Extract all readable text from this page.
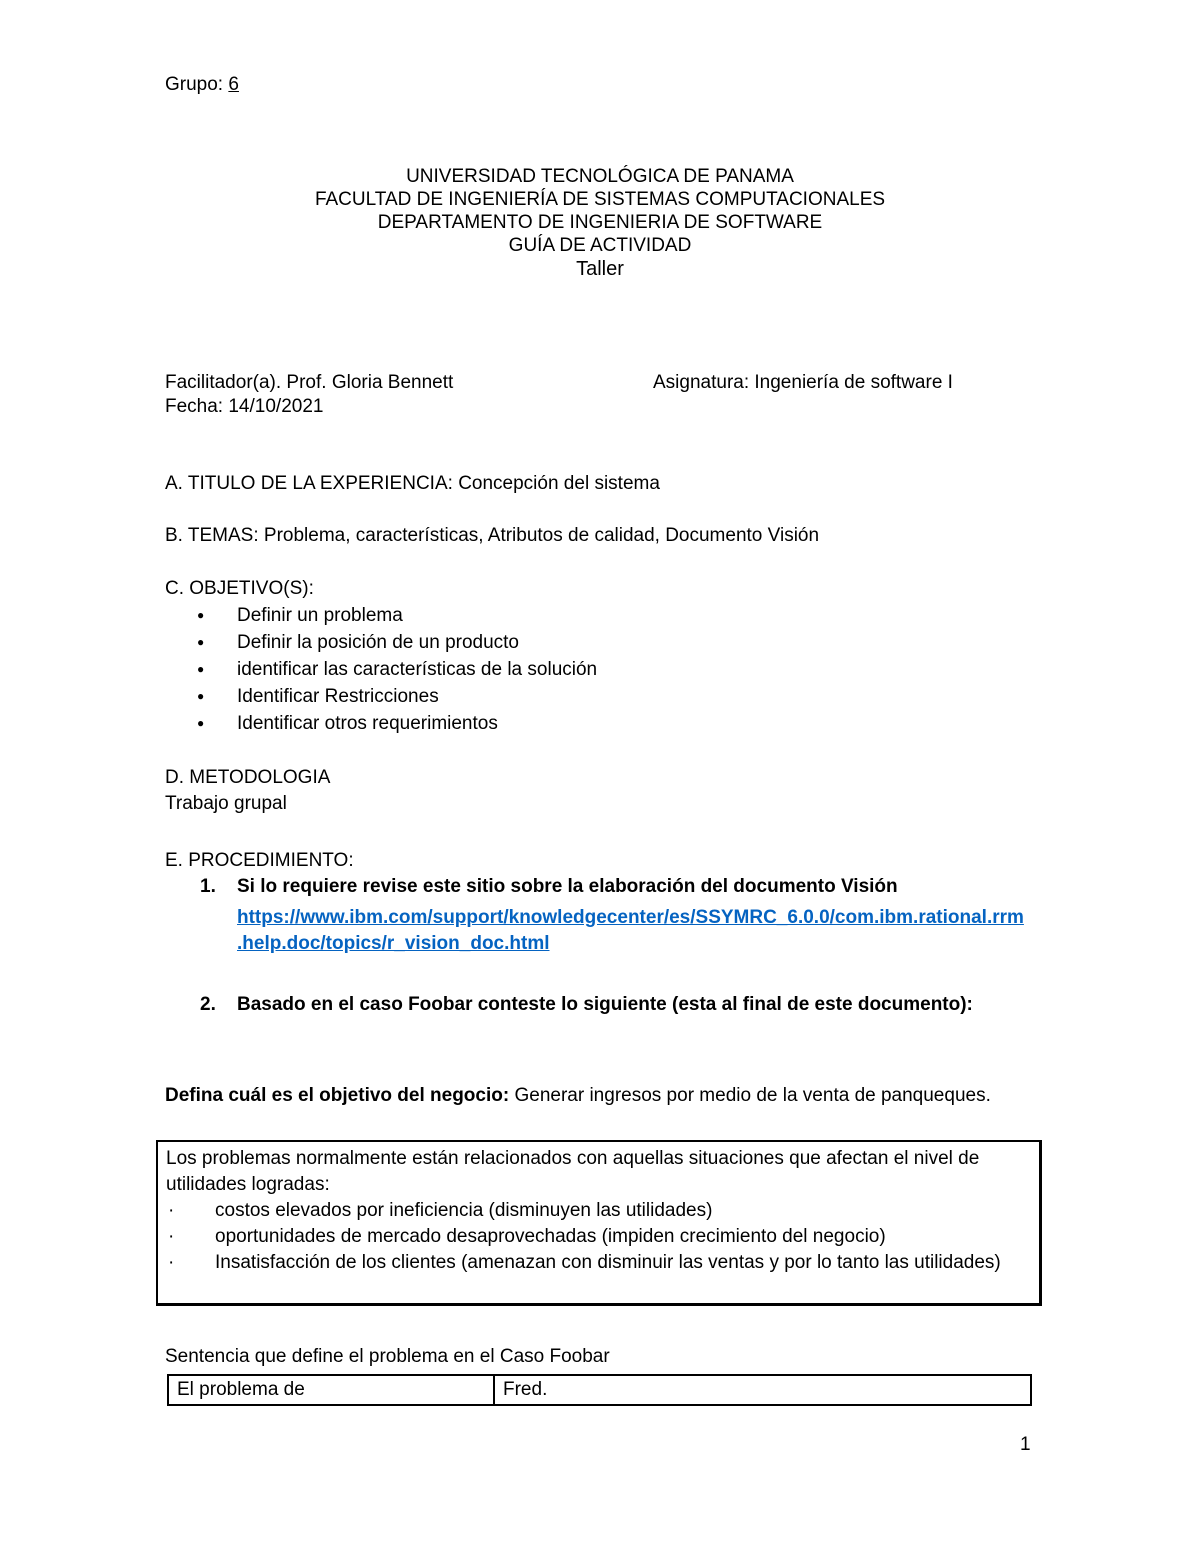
Grupo: 6
UNIVERSIDAD TECNOLÓGICA DE PANAMA
FACULTAD DE INGENIERÍA DE SISTEMAS COMPUTACIONALES
DEPARTAMENTO DE INGENIERIA DE SOFTWARE
GUÍA DE ACTIVIDAD
Taller
Facilitador(a). Prof. Gloria Bennett	Asignatura: Ingeniería de software I
Fecha: 14/10/2021
A. TITULO DE LA EXPERIENCIA: Concepción del sistema
B. TEMAS: Problema, características, Atributos de calidad, Documento Visión
C. OBJETIVO(S):
● Definir un problema
● Definir la posición de un producto
● identificar las características de la solución
● Identificar Restricciones
● Identificar otros requerimientos
D. METODOLOGIA
Trabajo grupal
E. PROCEDIMIENTO:
1. Si lo requiere revise este sitio sobre la elaboración del documento Visión
https://www.ibm.com/support/knowledgecenter/es/SSYMRC_6.0.0/com.ibm.rational.rrm
.help.doc/topics/r_vision_doc.html
2. Basado en el caso Foobar conteste lo siguiente (esta al final de este documento):
Defina cuál es el objetivo del negocio: Generar ingresos por medio de la venta de panqueques.
Los problemas normalmente están relacionados con aquellas situaciones que afectan el nivel de
utilidades logradas:
· costos elevados por ineficiencia (disminuyen las utilidades)
· oportunidades de mercado desaprovechadas (impiden crecimiento del negocio)
· Insatisfacción de los clientes (amenazan con disminuir las ventas y por lo tanto las utilidades)
Sentencia que define el problema en el Caso Foobar
El problema de	Fred.
1
